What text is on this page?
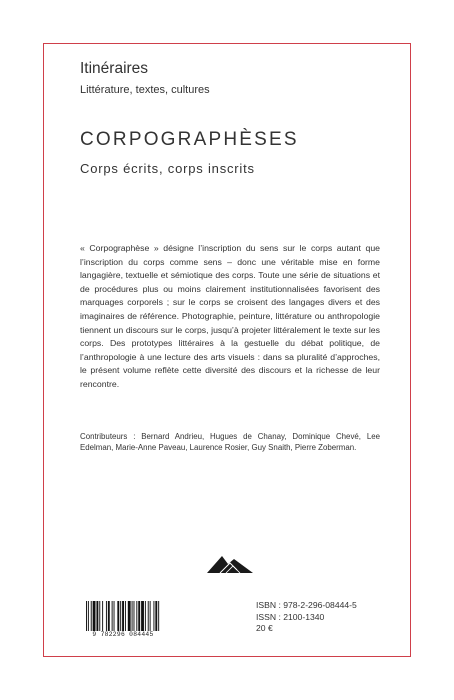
Itinéraires
Littérature, textes, cultures
CORPOGRAPHÈSES
Corps écrits, corps inscrits
« Corpographèse » désigne l’inscription du sens sur le corps autant que l’inscription du corps comme sens – donc une véritable mise en forme langagière, textuelle et sémiotique des corps. Toute une série de situations et de procédures plus ou moins clairement institutionnalisées favorisent des marquages corporels ; sur le corps se croisent des langages divers et des imaginaires de référence. Photographie, peinture, littérature ou anthropologie tiennent un discours sur le corps, jusqu’à projeter littéralement le texte sur les corps. Des prototypes littéraires à la gestuelle du débat politique, de l’anthropologie à une lecture des arts visuels : dans sa pluralité d’approches, le présent volume reflète cette diversité des discours et la richesse de leur rencontre.
Contributeurs : Bernard Andrieu, Hugues de Chanay, Dominique Chevé, Lee Edelman, Marie-Anne Paveau, Laurence Rosier, Guy Snaith, Pierre Zoberman.
9 782296 084445
ISBN : 978-2-296-08444-5
ISSN : 2100-1340
20 €
